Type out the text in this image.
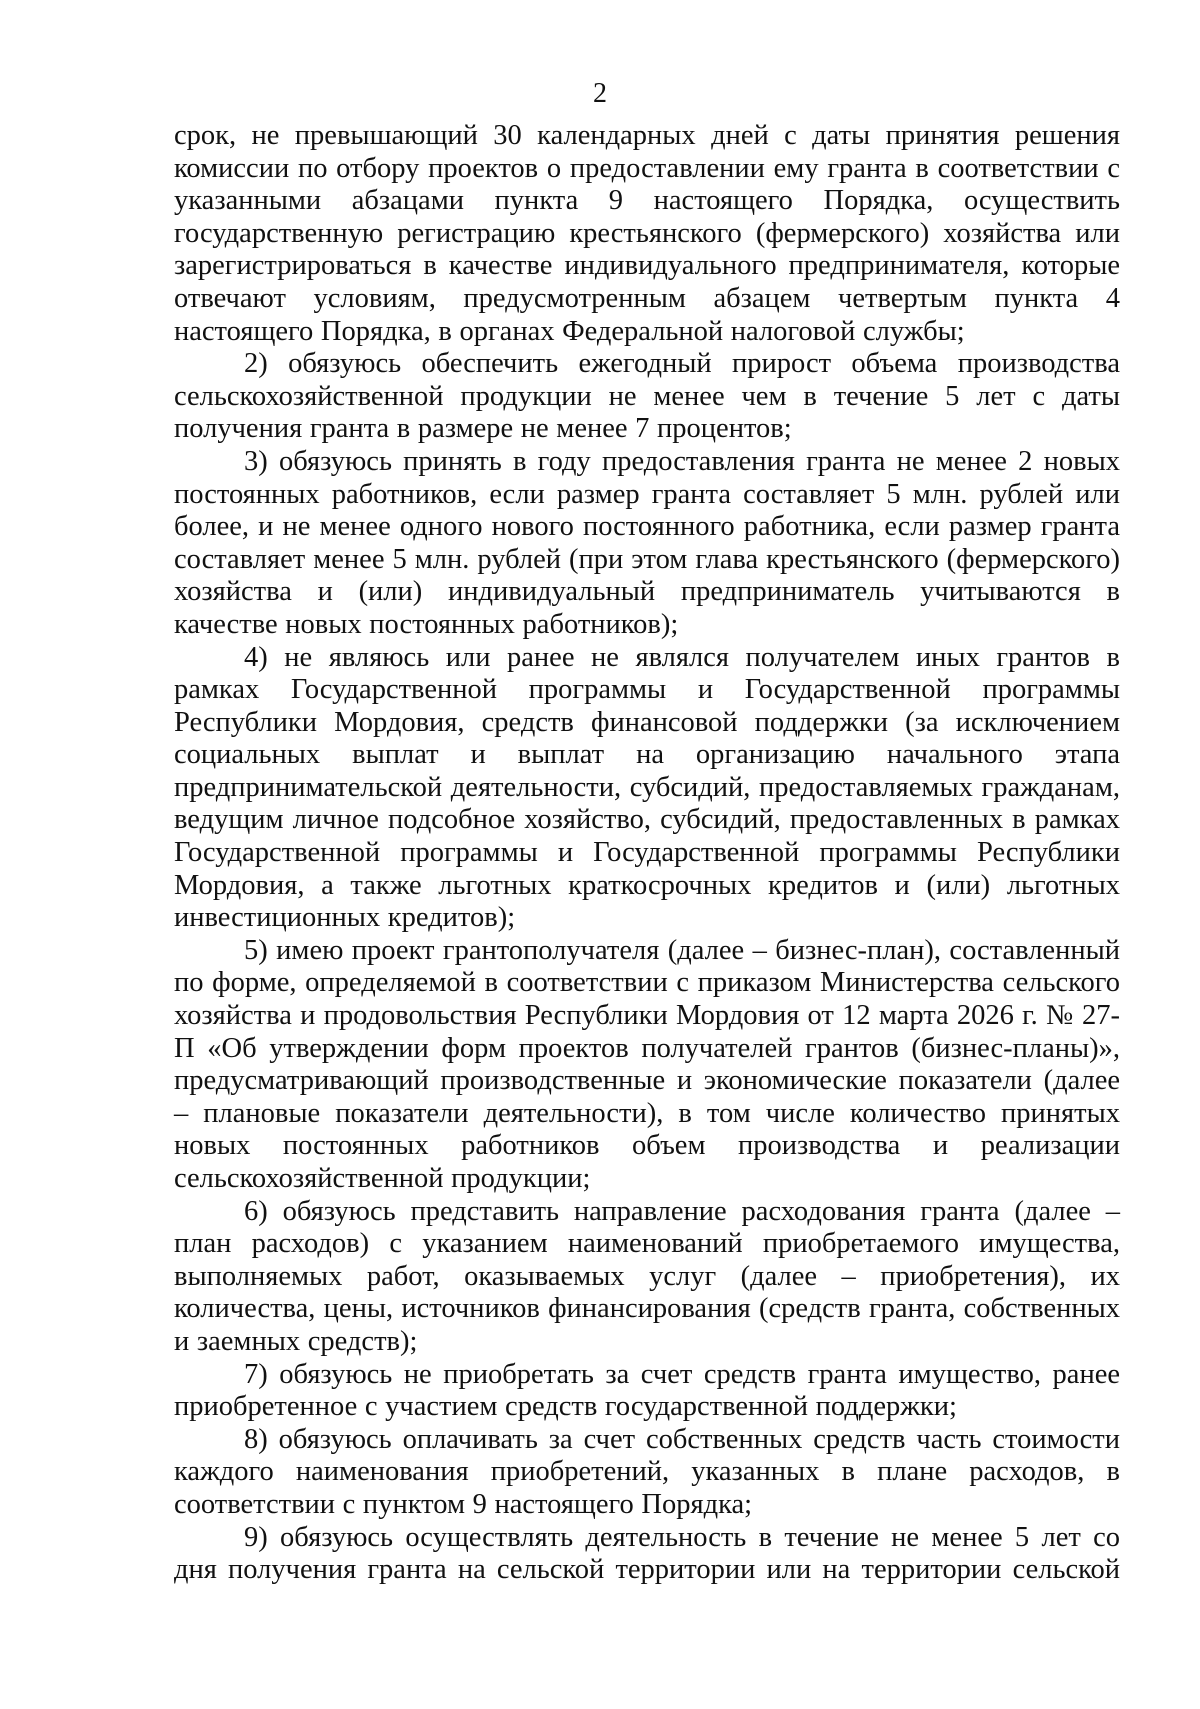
2

срок, не превышающий 30 календарных дней с даты принятия решения комиссии по отбору проектов о предоставлении ему гранта в соответствии с указанными абзацами пункта 9 настоящего Порядка, осуществить государственную регистрацию крестьянского (фермерского) хозяйства или зарегистрироваться в качестве индивидуального предпринимателя, которые отвечают условиям, предусмотренным абзацем четвертым пункта 4 настоящего Порядка, в органах Федеральной налоговой службы;

2) обязуюсь обеспечить ежегодный прирост объема производства сельскохозяйственной продукции не менее чем в течение 5 лет с даты получения гранта в размере не менее 7 процентов;

3) обязуюсь принять в году предоставления гранта не менее 2 новых постоянных работников, если размер гранта составляет 5 млн. рублей или более, и не менее одного нового постоянного работника, если размер гранта составляет менее 5 млн. рублей (при этом глава крестьянского (фермерского) хозяйства и (или) индивидуальный предприниматель учитываются в качестве новых постоянных работников);

4) не являюсь или ранее не являлся получателем иных грантов в рамках Государственной программы и Государственной программы Республики Мордовия, средств финансовой поддержки (за исключением социальных выплат и выплат на организацию начального этапа предпринимательской деятельности, субсидий, предоставляемых гражданам, ведущим личное подсобное хозяйство, субсидий, предоставленных в рамках Государственной программы и Государственной программы Республики Мордовия, а также льготных краткосрочных кредитов и (или) льготных инвестиционных кредитов);

5) имею проект грантополучателя (далее – бизнес-план), составленный по форме, определяемой в соответствии с приказом Министерства сельского хозяйства и продовольствия Республики Мордовия от 12 марта 2026 г. № 27-П «Об утверждении форм проектов получателей грантов (бизнес-планы)», предусматривающий производственные и экономические показатели (далее – плановые показатели деятельности), в том числе количество принятых новых постоянных работников объем производства и реализации сельскохозяйственной продукции;

6) обязуюсь представить направление расходования гранта (далее – план расходов) с указанием наименований приобретаемого имущества, выполняемых работ, оказываемых услуг (далее – приобретения), их количества, цены, источников финансирования (средств гранта, собственных и заемных средств);

7) обязуюсь не приобретать за счет средств гранта имущество, ранее приобретенное с участием средств государственной поддержки;

8) обязуюсь оплачивать за счет собственных средств часть стоимости каждого наименования приобретений, указанных в плане расходов, в соответствии с пунктом 9 настоящего Порядка;

9) обязуюсь осуществлять деятельность в течение не менее 5 лет со дня получения гранта на сельской территории или на территории сельской
